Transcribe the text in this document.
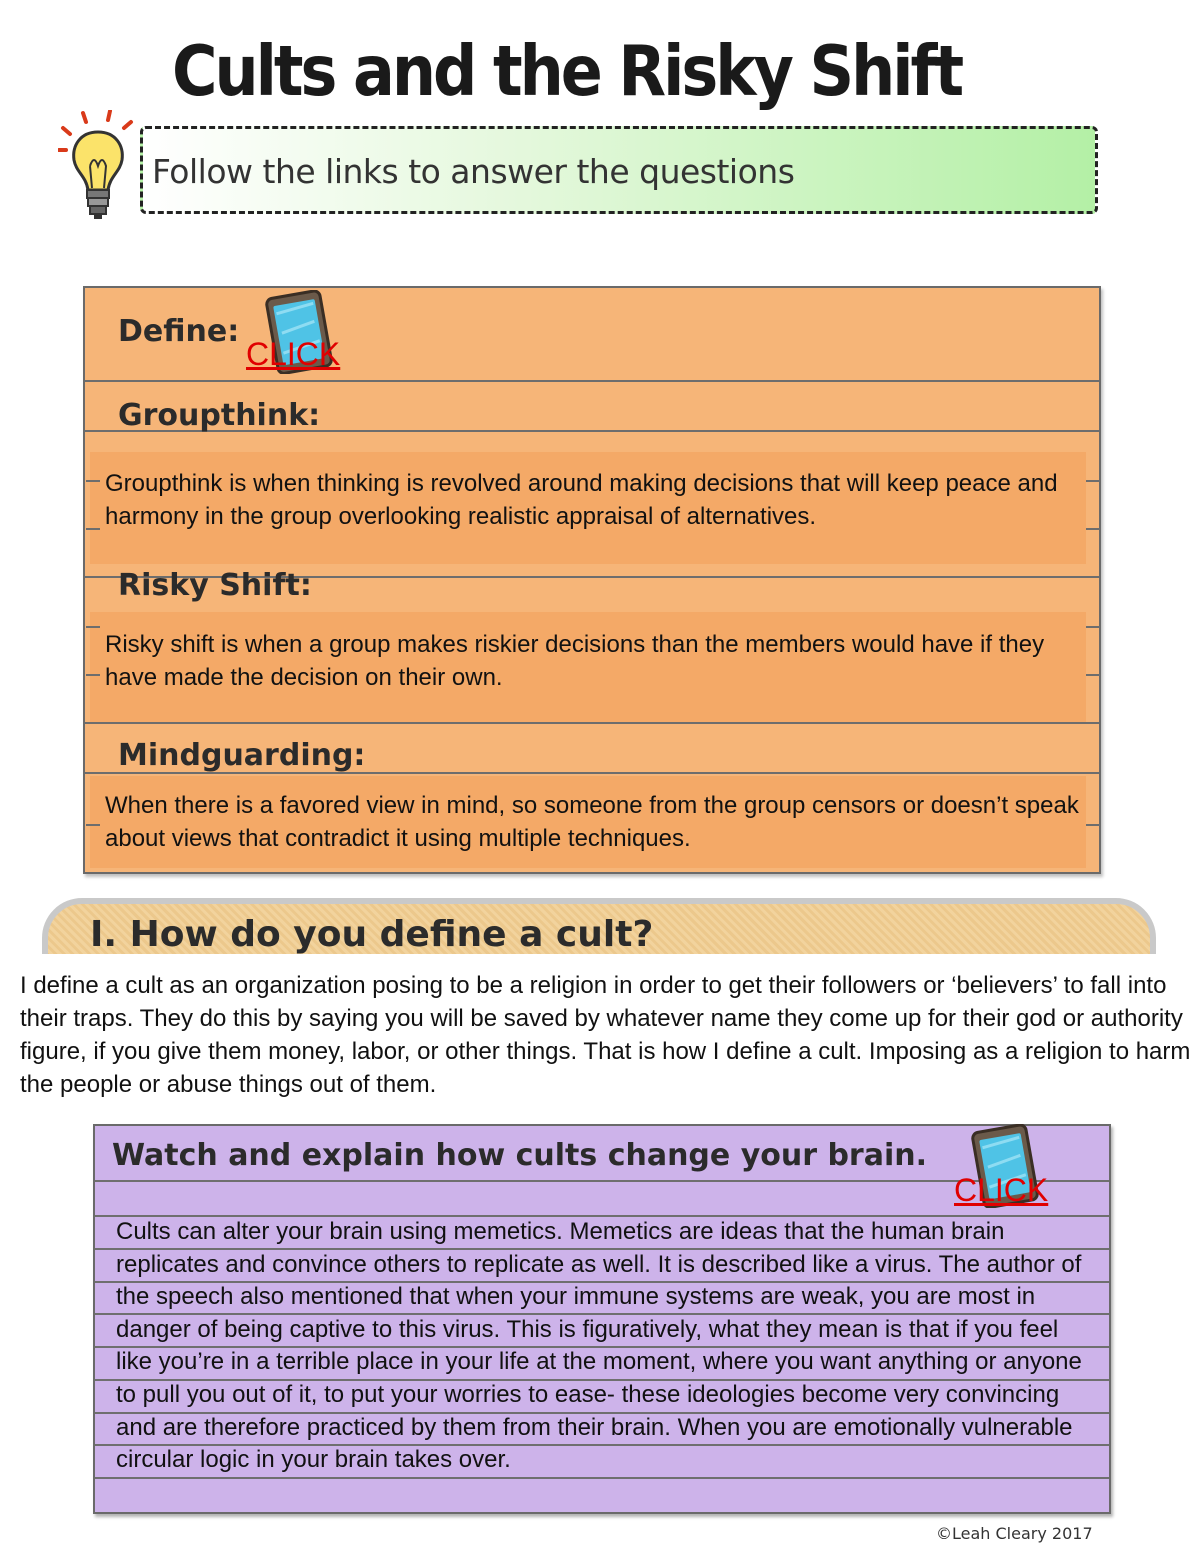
Cults and the Risky Shift
Follow the links to answer the questions
Define:
Groupthink:
Groupthink is when thinking is revolved around making decisions that will keep peace and harmony in the group overlooking realistic appraisal of alternatives.
Risky Shift:
Risky shift is when a group makes riskier decisions than the members would have if they have made the decision on their own.
Mindguarding:
When there is a favored view in mind, so someone from the group censors or doesn’t speak about views that contradict it using multiple techniques.
CLICK
I. How do you define a cult?
I define a cult as an organization posing to be a religion in order to get their followers or ‘believers’ to fall into their traps. They do this by saying you will be saved by whatever name they come up for their god or authority figure, if you give them money, labor, or other things. That is how I define a cult. Imposing as a religion to harm the people or abuse things out of them.
Watch and explain how cults change your brain.
CLICK
Cults can alter your brain using memetics. Memetics are ideas that the human brain replicates and convince others to replicate as well. It is described like a virus. The author of the speech also mentioned that when your immune systems are weak, you are most in danger of being captive to this virus. This is figuratively, what they mean is that if you feel like you’re in a terrible place in your life at the moment, where you want anything or anyone to pull you out of it, to put your worries to ease- these ideologies become very convincing and are therefore practiced by them from their brain. When you are emotionally vulnerable circular logic in your brain takes over.
©Leah Cleary 2017
